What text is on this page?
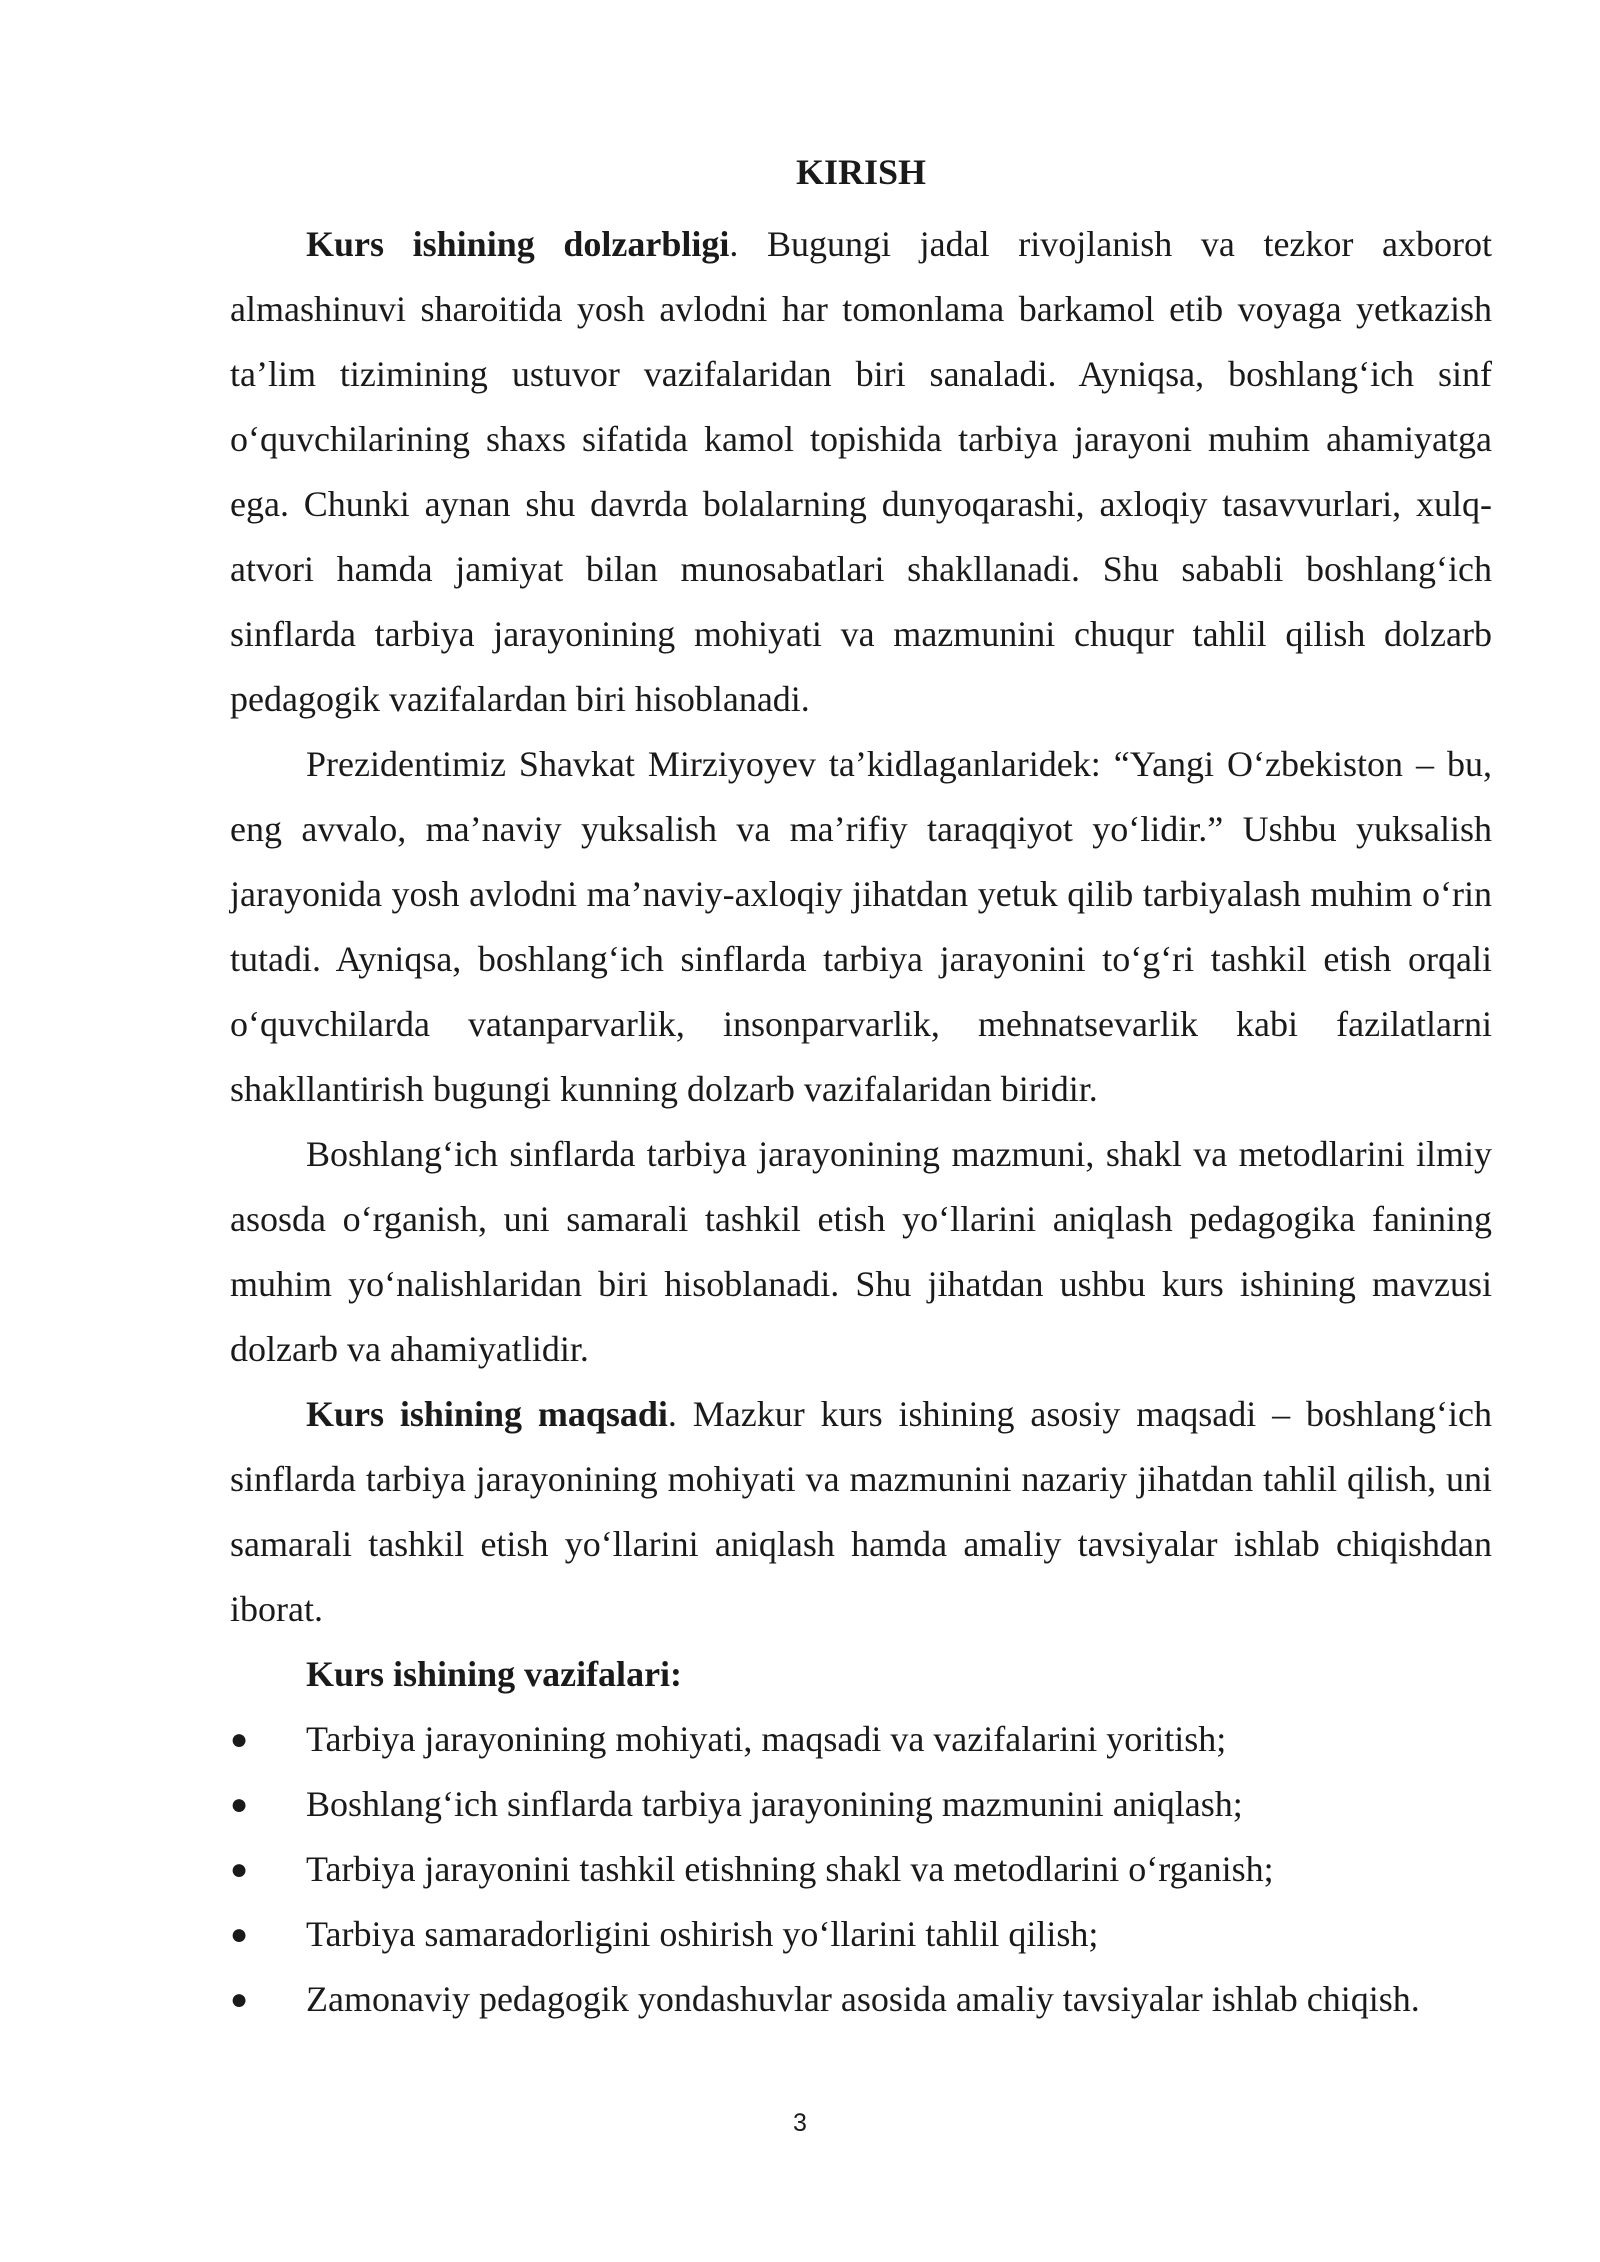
KIRISH

Kurs ishining dolzarbligi. Bugungi jadal rivojlanish va tezkor axborot almashinuvi sharoitida yosh avlodni har tomonlama barkamol etib voyaga yetkazish ta’lim tizimining ustuvor vazifalaridan biri sanaladi. Ayniqsa, boshlang‘ich sinf o‘quvchilarining shaxs sifatida kamol topishida tarbiya jarayoni muhim ahamiyatga ega. Chunki aynan shu davrda bolalarning dunyoqarashi, axloqiy tasavvurlari, xulq-atvori hamda jamiyat bilan munosabatlari shakllanadi. Shu sababli boshlang‘ich sinflarda tarbiya jarayonining mohiyati va mazmunini chuqur tahlil qilish dolzarb pedagogik vazifalardan biri hisoblanadi.

Prezidentimiz Shavkat Mirziyoyev ta’kidlaganlaridek: “Yangi O‘zbekiston – bu, eng avvalo, ma’naviy yuksalish va ma’rifiy taraqqiyot yo‘lidir.” Ushbu yuksalish jarayonida yosh avlodni ma’naviy-axloqiy jihatdan yetuk qilib tarbiyalash muhim o‘rin tutadi. Ayniqsa, boshlang‘ich sinflarda tarbiya jarayonini to‘g‘ri tashkil etish orqali o‘quvchilarda vatanparvarlik, insonparvarlik, mehnatsevarlik kabi fazilatlarni shakllantirish bugungi kunning dolzarb vazifalaridan biridir.

Boshlang‘ich sinflarda tarbiya jarayonining mazmuni, shakl va metodlarini ilmiy asosda o‘rganish, uni samarali tashkil etish yo‘llarini aniqlash pedagogika fanining muhim yo‘nalishlaridan biri hisoblanadi. Shu jihatdan ushbu kurs ishining mavzusi dolzarb va ahamiyatlidir.

Kurs ishining maqsadi. Mazkur kurs ishining asosiy maqsadi – boshlang‘ich sinflarda tarbiya jarayonining mohiyati va mazmunini nazariy jihatdan tahlil qilish, uni samarali tashkil etish yo‘llarini aniqlash hamda amaliy tavsiyalar ishlab chiqishdan iborat.

Kurs ishining vazifalari:

● Tarbiya jarayonining mohiyati, maqsadi va vazifalarini yoritish;
● Boshlang‘ich sinflarda tarbiya jarayonining mazmunini aniqlash;
● Tarbiya jarayonini tashkil etishning shakl va metodlarini o‘rganish;
● Tarbiya samaradorligini oshirish yo‘llarini tahlil qilish;
● Zamonaviy pedagogik yondashuvlar asosida amaliy tavsiyalar ishlab chiqish.
3
